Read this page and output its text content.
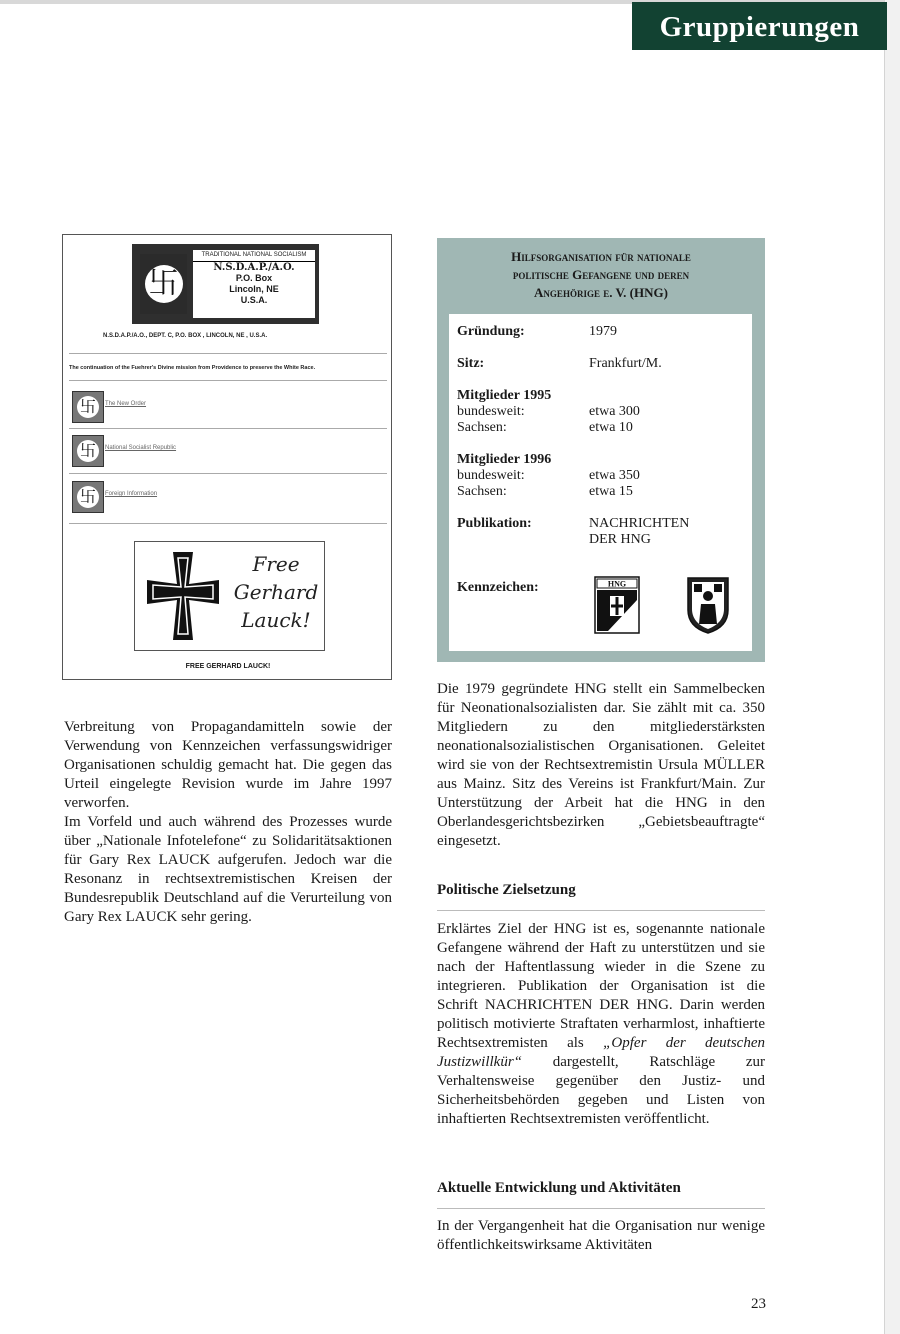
Gruppierungen
卐
TRADITIONAL NATIONAL SOCIALISM
N.S.D.A.P./A.O.
P.O. Box
Lincoln, NE
U.S.A.
N.S.D.A.P./A.O., DEPT. C, P.O. BOX , LINCOLN, NE , U.S.A.
The continuation of the Fuehrer's Divine mission from Providence to preserve the White Race.
卐	The New Order
卐	National Socialist Republic
卐	Foreign Information
Free
Gerhard
Lauck!
FREE GERHARD LAUCK!
Hilfsorganisation für nationale
politische Gefangene und deren
Angehörige e. V. (HNG)
Gründung:	1979
Sitz:	Frankfurt/M.
Mitglieder 1995
bundesweit:	etwa 300
Sachsen:	etwa 10
Mitglieder 1996
bundesweit:	etwa 350
Sachsen:	etwa 15
Publikation:	NACHRICHTEN
DER HNG
Kennzeichen:	HNG

Verbreitung von Propagandamitteln sowie der Verwendung von Kennzeichen verfassungswidriger Organisationen schuldig gemacht hat. Die gegen das Urteil eingelegte Revision wurde im Jahre 1997 verworfen.

Im Vorfeld und auch während des Prozesses wurde über „Nationale Infotelefone“ zu Solidaritätsaktionen für Gary Rex LAUCK aufgerufen. Jedoch war die Resonanz in rechtsextremistischen Kreisen der Bundesrepublik Deutschland auf die Verurteilung von Gary Rex LAUCK sehr gering.

Die 1979 gegründete HNG stellt ein Sammelbecken für Neonationalsozialisten dar. Sie zählt mit ca. 350 Mitgliedern zu den mitgliederstärksten neonationalsozialistischen Organisationen. Geleitet wird sie von der Rechtsextremistin Ursula MÜLLER aus Mainz. Sitz des Vereins ist Frankfurt/Main. Zur Unterstützung der Arbeit hat die HNG in den Oberlandesgerichtsbezirken „Gebietsbeauftragte“ eingesetzt.

Politische Zielsetzung

Erklärtes Ziel der HNG ist es, sogenannte nationale Gefangene während der Haft zu unterstützen und sie nach der Haftentlassung wieder in die Szene zu integrieren. Publikation der Organisation ist die Schrift NACHRICHTEN DER HNG. Darin werden politisch motivierte Straftaten verharmlost, inhaftierte Rechtsextremisten als „Opfer der deutschen Justizwillkür“ dargestellt, Ratschläge zur Verhaltensweise gegenüber den Justiz- und Sicherheitsbehörden gegeben und Listen von inhaftierten Rechtsextremisten veröffentlicht.

Aktuelle Entwicklung und Aktivitäten

In der Vergangenheit hat die Organisation nur wenige öffentlichkeitswirksame Aktivitäten

23
